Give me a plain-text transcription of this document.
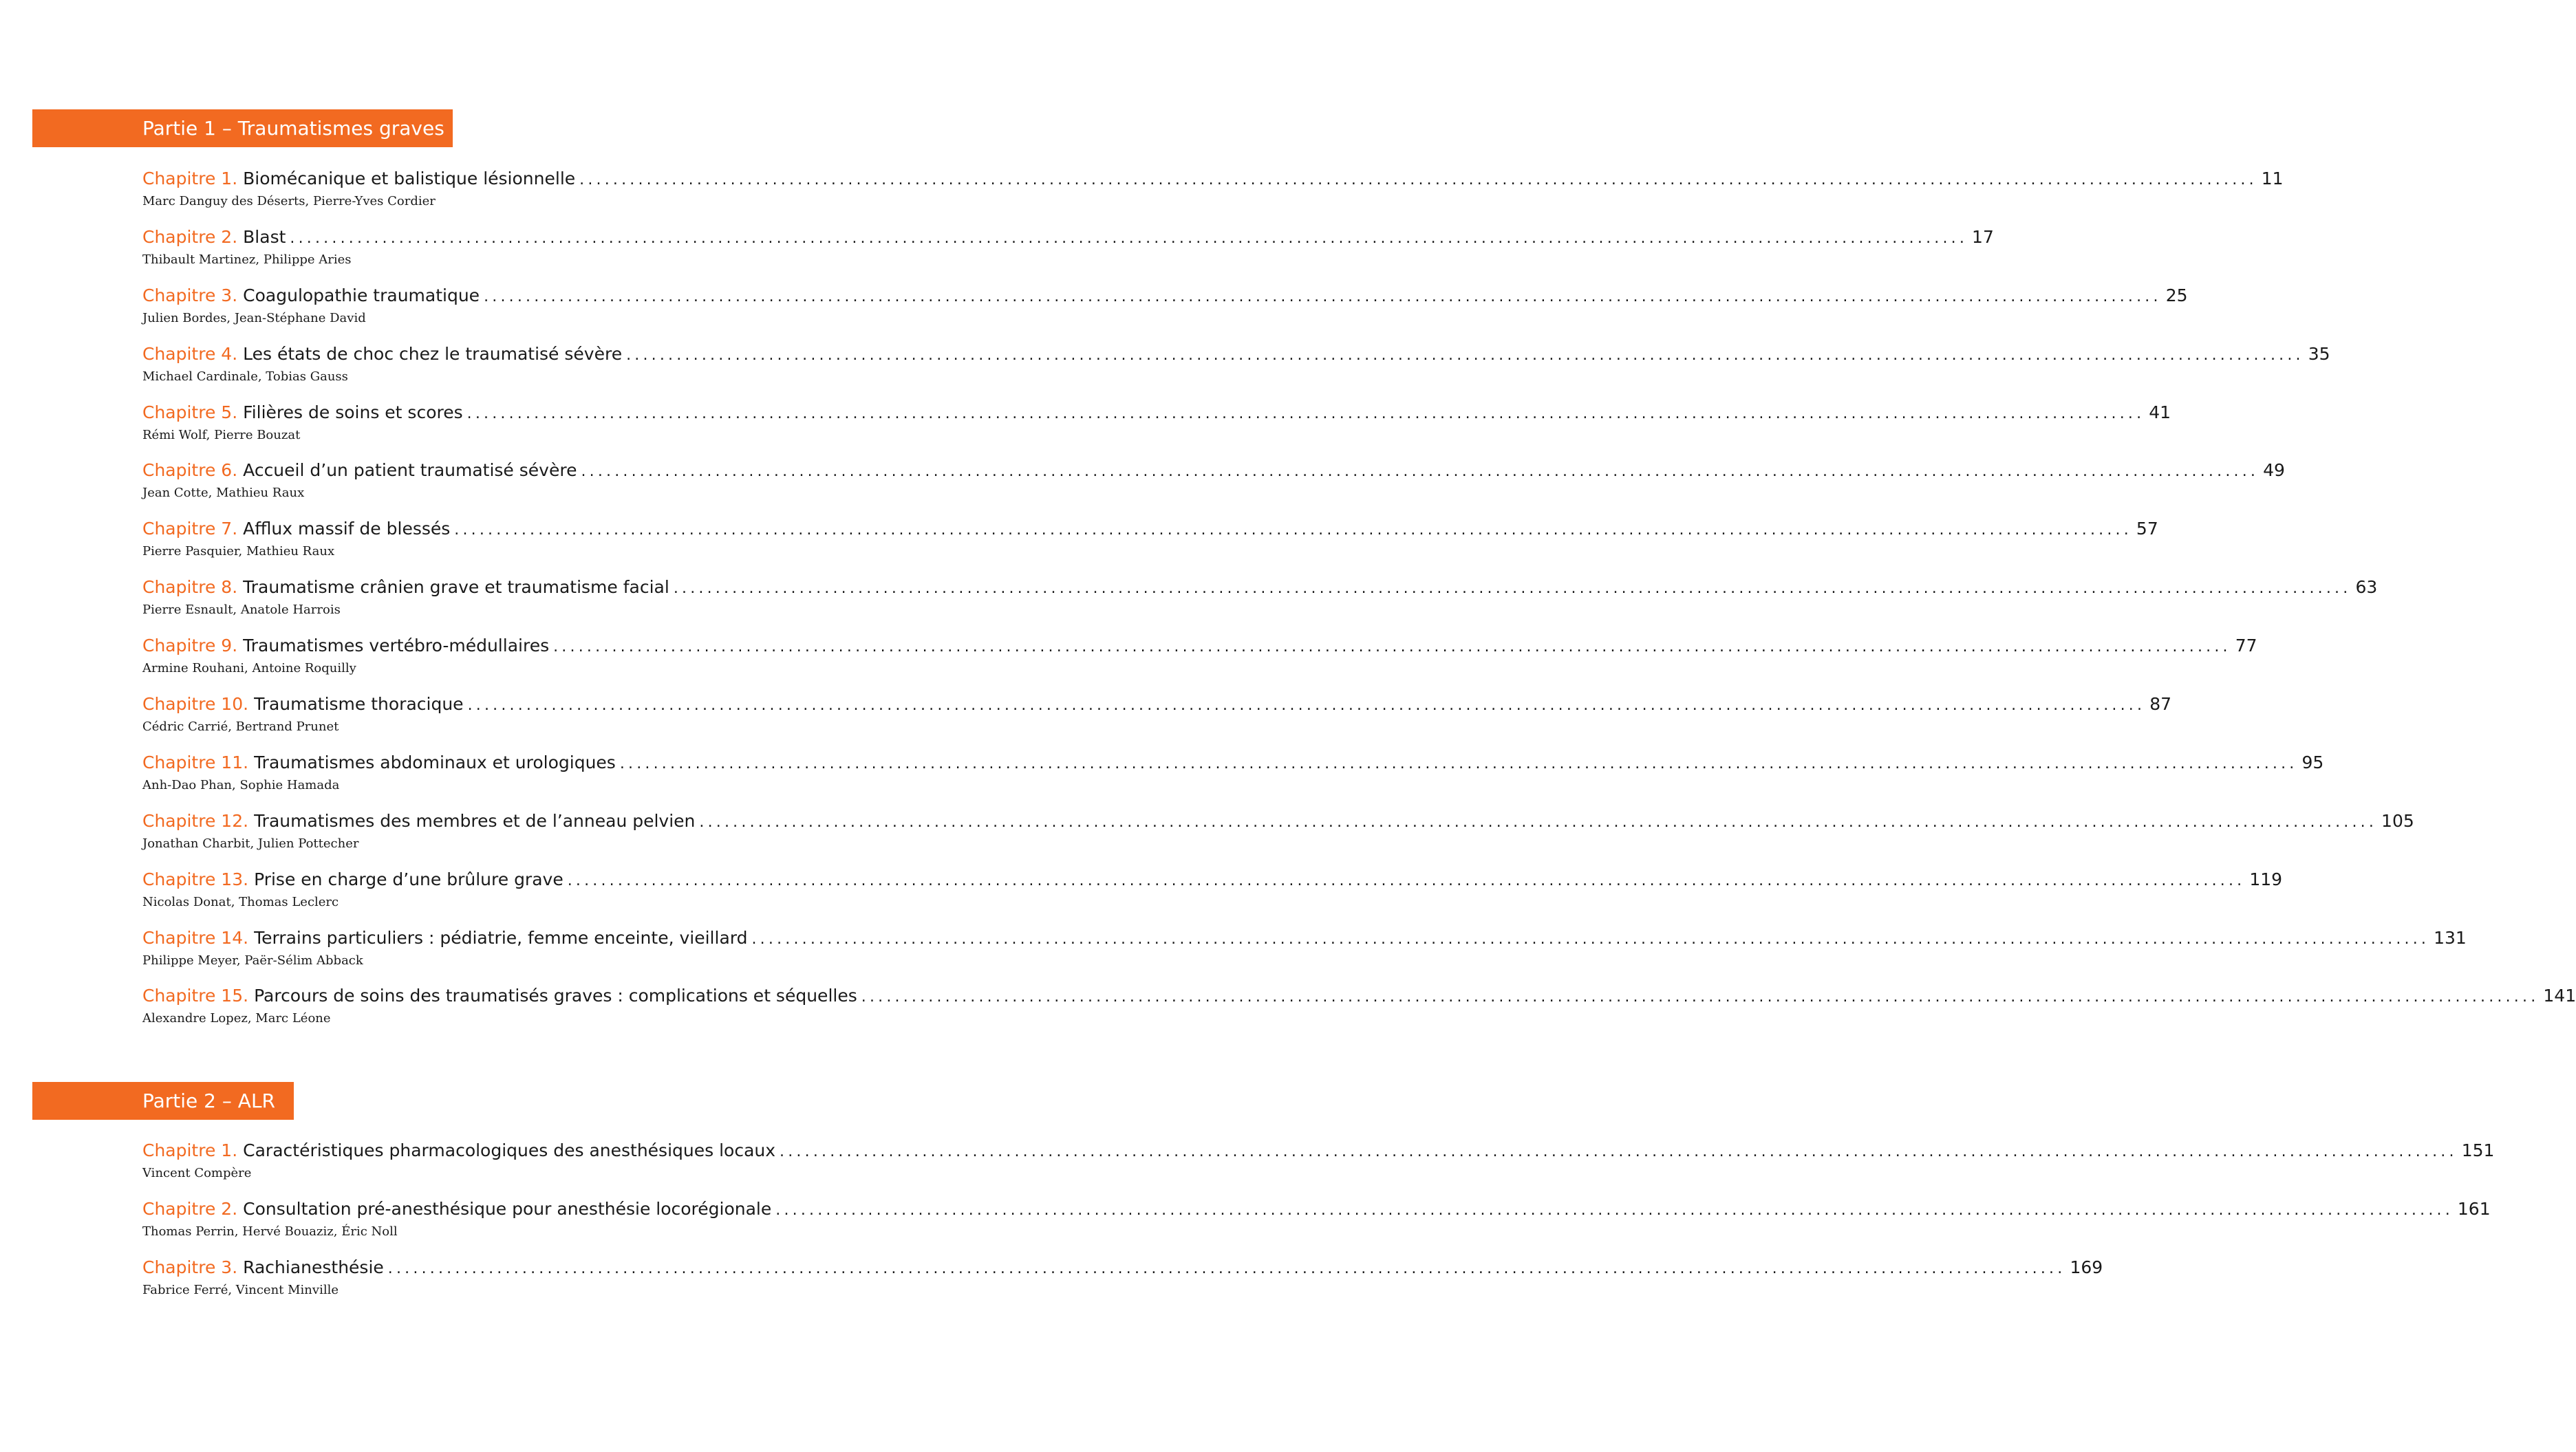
Partie 1 – Traumatismes graves
Chapitre 1. Biomécanique et balistique lésionnelle ........................................................................................................................................................................................................ 11
Marc Danguy des Déserts, Pierre-Yves Cordier
Chapitre 2. Blast ........................................................................................................................................................................................................ 17
Thibault Martinez, Philippe Aries
Chapitre 3. Coagulopathie traumatique ........................................................................................................................................................................................................ 25
Julien Bordes, Jean-Stéphane David
Chapitre 4. Les états de choc chez le traumatisé sévère ........................................................................................................................................................................................................ 35
Michael Cardinale, Tobias Gauss
Chapitre 5. Filières de soins et scores ........................................................................................................................................................................................................ 41
Rémi Wolf, Pierre Bouzat
Chapitre 6. Accueil d’un patient traumatisé sévère ........................................................................................................................................................................................................ 49
Jean Cotte, Mathieu Raux
Chapitre 7. Afflux massif de blessés ........................................................................................................................................................................................................ 57
Pierre Pasquier, Mathieu Raux
Chapitre 8. Traumatisme crânien grave et traumatisme facial ........................................................................................................................................................................................................ 63
Pierre Esnault, Anatole Harrois
Chapitre 9. Traumatismes vertébro-médullaires ........................................................................................................................................................................................................ 77
Armine Rouhani, Antoine Roquilly
Chapitre 10. Traumatisme thoracique ........................................................................................................................................................................................................ 87
Cédric Carrié, Bertrand Prunet
Chapitre 11. Traumatismes abdominaux et urologiques ........................................................................................................................................................................................................ 95
Anh-Dao Phan, Sophie Hamada
Chapitre 12. Traumatismes des membres et de l’anneau pelvien ........................................................................................................................................................................................................ 105
Jonathan Charbit, Julien Pottecher
Chapitre 13. Prise en charge d’une brûlure grave ........................................................................................................................................................................................................ 119
Nicolas Donat, Thomas Leclerc
Chapitre 14. Terrains particuliers : pédiatrie, femme enceinte, vieillard ........................................................................................................................................................................................................ 131
Philippe Meyer, Paër-Sélim Abback
Chapitre 15. Parcours de soins des traumatisés graves : complications et séquelles ........................................................................................................................................................................................................ 141
Alexandre Lopez, Marc Léone
Partie 2 – ALR
Chapitre 1. Caractéristiques pharmacologiques des anesthésiques locaux ........................................................................................................................................................................................................ 151
Vincent Compère
Chapitre 2. Consultation pré-anesthésique pour anesthésie locorégionale ........................................................................................................................................................................................................ 161
Thomas Perrin, Hervé Bouaziz, Éric Noll
Chapitre 3. Rachianesthésie ........................................................................................................................................................................................................ 169
Fabrice Ferré, Vincent Minville
